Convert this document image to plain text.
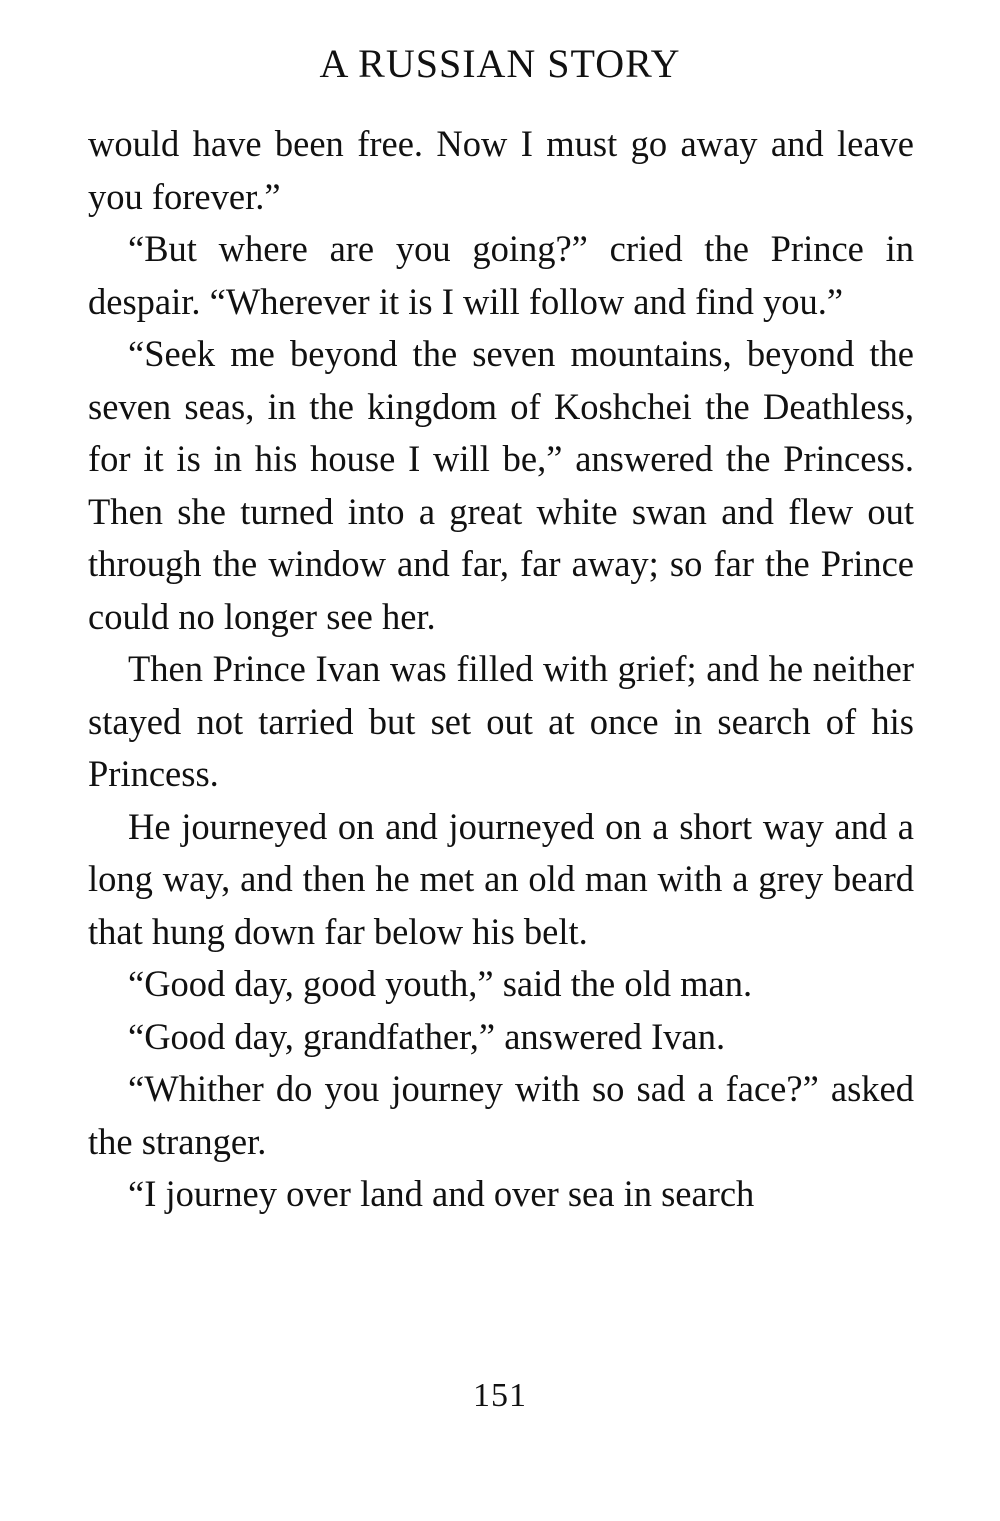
A RUSSIAN STORY

would have been free. Now I must go away and leave you forever.”

“But where are you going?” cried the Prince in despair. “Wherever it is I will follow and find you.”

“Seek me beyond the seven mountains, beyond the seven seas, in the kingdom of Koshchei the Deathless, for it is in his house I will be,” answered the Princess. Then she turned into a great white swan and flew out through the window and far, far away; so far the Prince could no longer see her.

Then Prince Ivan was filled with grief; and he neither stayed not tarried but set out at once in search of his Princess.

He journeyed on and journeyed on a short way and a long way, and then he met an old man with a grey beard that hung down far below his belt.

“Good day, good youth,” said the old man.

“Good day, grandfather,” answered Ivan.

“Whither do you journey with so sad a face?” asked the stranger.

“I journey over land and over sea in search

151
